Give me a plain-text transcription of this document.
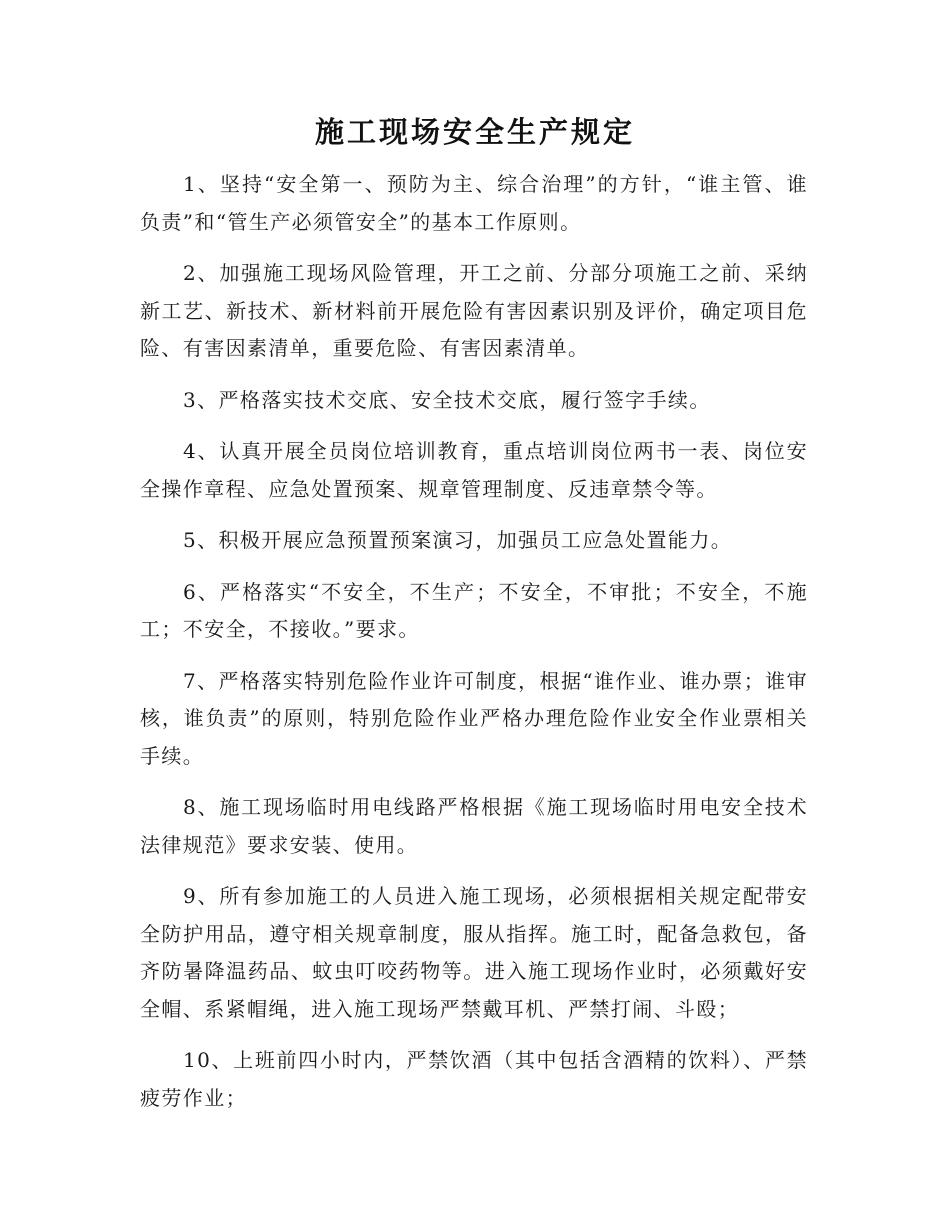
施工现场安全生产规定

1、坚持“安全第一、预防为主、综合治理”的方针，“谁主管、谁负责”和“管生产必须管安全”的基本工作原则。

2、加强施工现场风险管理，开工之前、分部分项施工之前、采纳新工艺、新技术、新材料前开展危险有害因素识别及评价，确定项目危险、有害因素清单，重要危险、有害因素清单。

3、严格落实技术交底、安全技术交底，履行签字手续。

4、认真开展全员岗位培训教育，重点培训岗位两书一表、岗位安全操作章程、应急处置预案、规章管理制度、反违章禁令等。

5、积极开展应急预置预案演习，加强员工应急处置能力。

6、严格落实“不安全，不生产；不安全，不审批；不安全，不施工；不安全，不接收。”要求。

7、严格落实特别危险作业许可制度，根据“谁作业、谁办票；谁审核，谁负责”的原则，特别危险作业严格办理危险作业安全作业票相关手续。

8、施工现场临时用电线路严格根据《施工现场临时用电安全技术法律规范》要求安装、使用。

9、所有参加施工的人员进入施工现场，必须根据相关规定配带安全防护用品，遵守相关规章制度，服从指挥。施工时，配备急救包，备齐防暑降温药品、蚊虫叮咬药物等。进入施工现场作业时，必须戴好安全帽、系紧帽绳，进入施工现场严禁戴耳机、严禁打闹、斗殴；

10、上班前四小时内，严禁饮酒（其中包括含酒精的饮料）、严禁疲劳作业；
